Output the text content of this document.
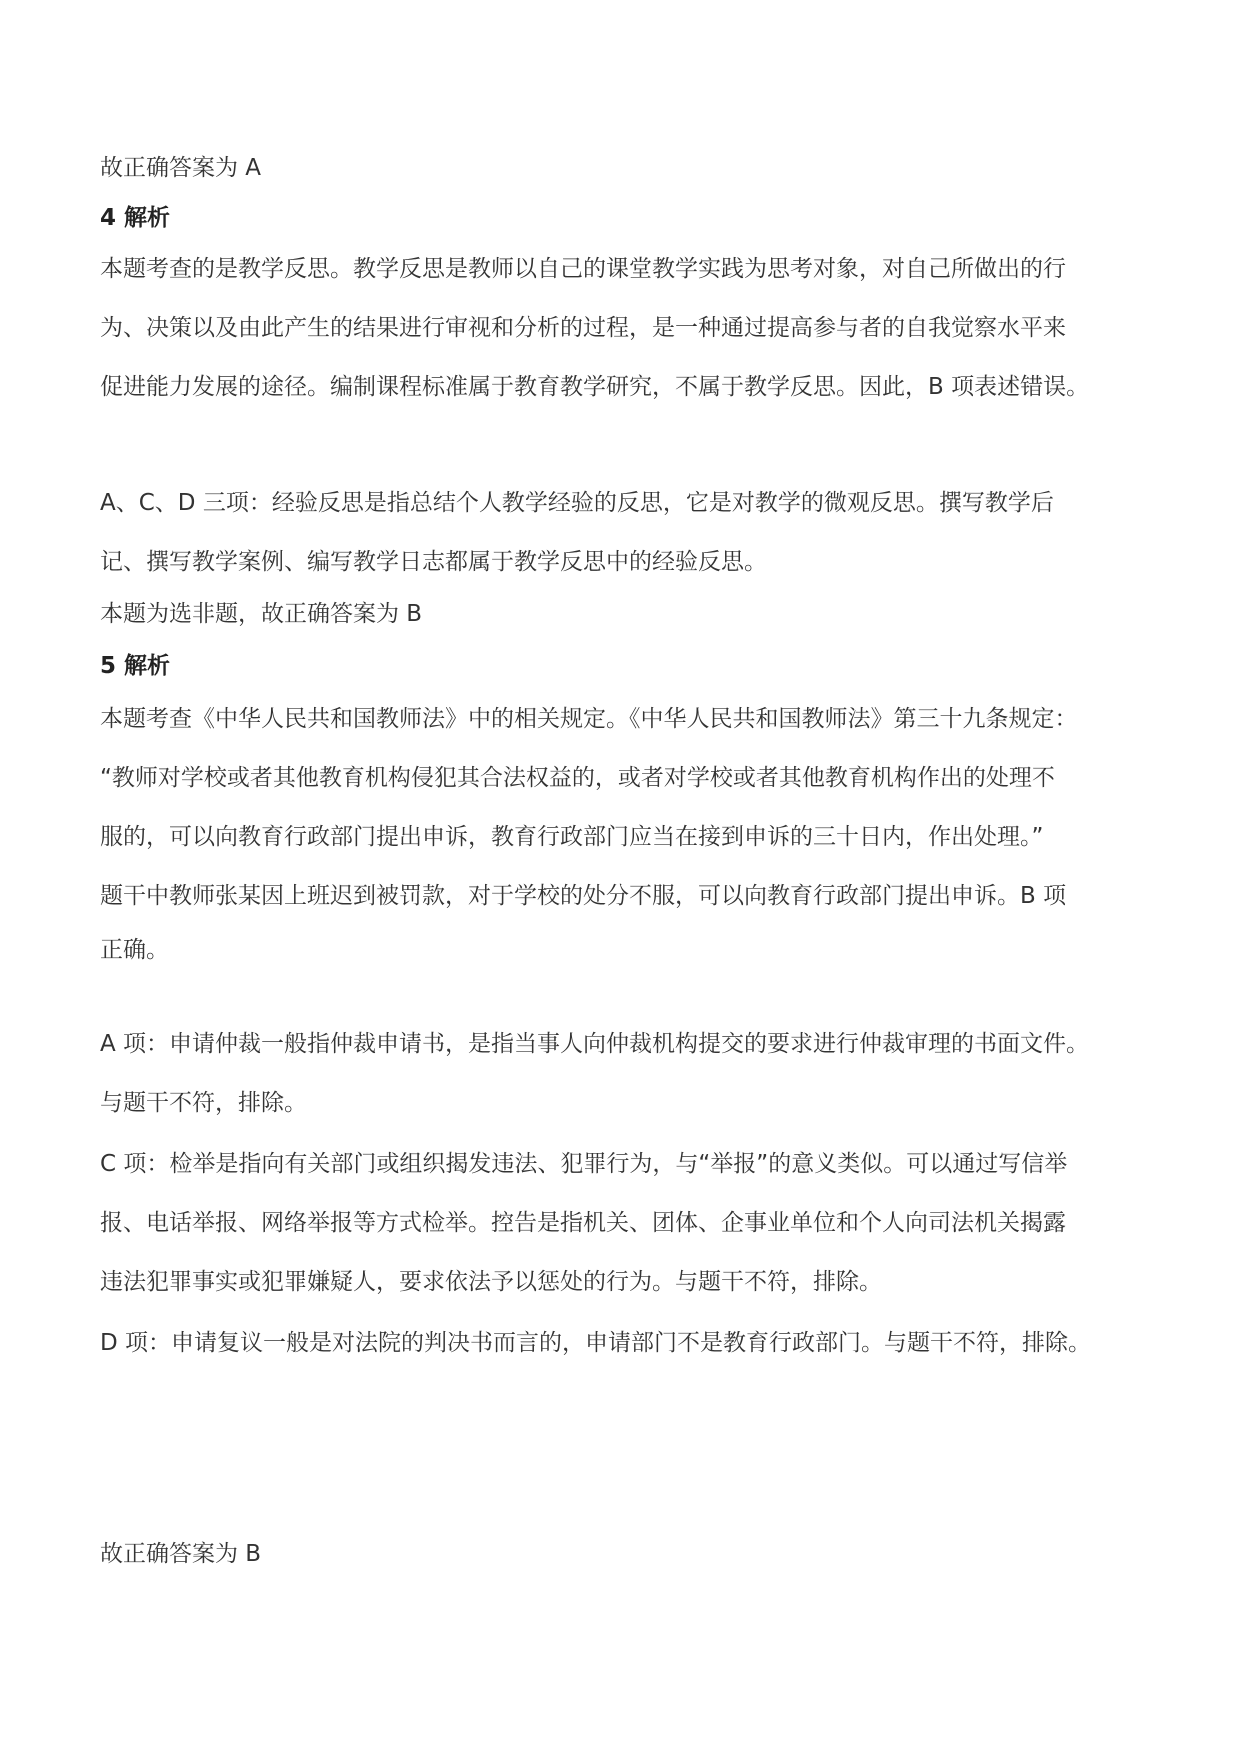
故正确答案为 A
4 解析
本题考查的是教学反思。教学反思是教师以自己的课堂教学实践为思考对象，对自己所做出的行
为、决策以及由此产生的结果进行审视和分析的过程，是一种通过提高参与者的自我觉察水平来
促进能力发展的途径。编制课程标准属于教育教学研究，不属于教学反思。因此，B 项表述错误。
A、C、D 三项：经验反思是指总结个人教学经验的反思，它是对教学的微观反思。撰写教学后
记、撰写教学案例、编写教学日志都属于教学反思中的经验反思。
本题为选非题，故正确答案为 B
5 解析
本题考查《中华人民共和国教师法》中的相关规定。《中华人民共和国教师法》第三十九条规定：
“教师对学校或者其他教育机构侵犯其合法权益的，或者对学校或者其他教育机构作出的处理不
服的，可以向教育行政部门提出申诉，教育行政部门应当在接到申诉的三十日内，作出处理。”
题干中教师张某因上班迟到被罚款，对于学校的处分不服，可以向教育行政部门提出申诉。B 项
正确。
A 项：申请仲裁一般指仲裁申请书，是指当事人向仲裁机构提交的要求进行仲裁审理的书面文件。
与题干不符，排除。
C 项：检举是指向有关部门或组织揭发违法、犯罪行为，与“举报”的意义类似。可以通过写信举
报、电话举报、网络举报等方式检举。控告是指机关、团体、企事业单位和个人向司法机关揭露
违法犯罪事实或犯罪嫌疑人，要求依法予以惩处的行为。与题干不符，排除。
D 项：申请复议一般是对法院的判决书而言的，申请部门不是教育行政部门。与题干不符，排除。
故正确答案为 B
